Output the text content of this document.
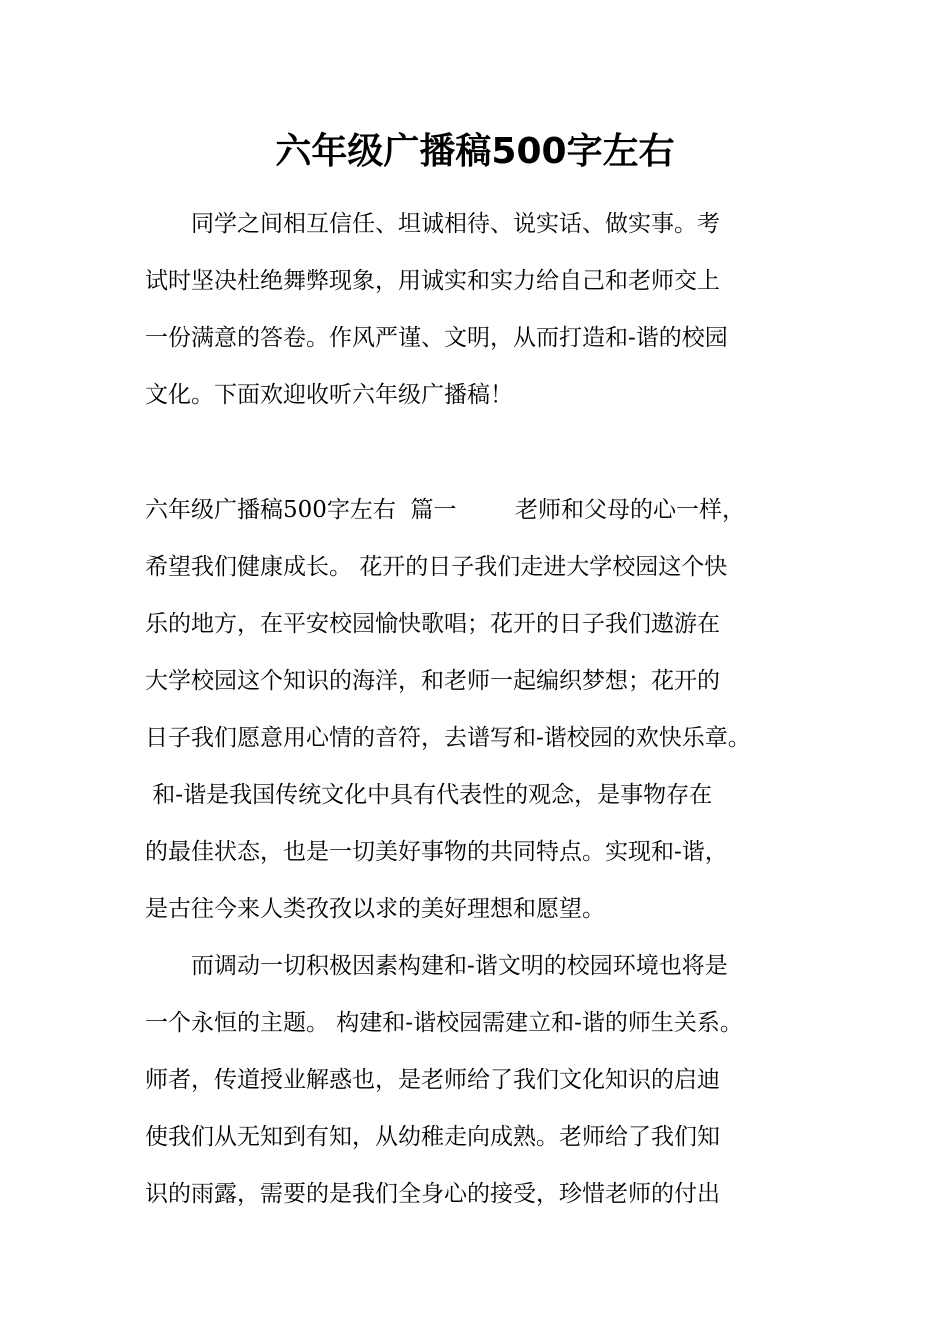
六年级广播稿500字左右
　　同学之间相互信任、坦诚相待、说实话、做实事。考
试时坚决杜绝舞弊现象，用诚实和实力给自己和老师交上
一份满意的答卷。作风严谨、文明，从而打造和-谐的校园
文化。下面欢迎收听六年级广播稿！
六年级广播稿500字左右  篇一        老师和父母的心一样，
希望我们健康成长。 花开的日子我们走进大学校园这个快
乐的地方，在平安校园愉快歌唱；花开的日子我们遨游在
大学校园这个知识的海洋，和老师一起编织梦想；花开的
日子我们愿意用心情的音符，去谱写和-谐校园的欢快乐章。
和-谐是我国传统文化中具有代表性的观念，是事物存在
的最佳状态，也是一切美好事物的共同特点。实现和-谐，
是古往今来人类孜孜以求的美好理想和愿望。
　　而调动一切积极因素构建和-谐文明的校园环境也将是
一个永恒的主题。 构建和-谐校园需建立和-谐的师生关系。
师者，传道授业解惑也，是老师给了我们文化知识的启迪
使我们从无知到有知，从幼稚走向成熟。老师给了我们知
识的雨露，需要的是我们全身心的接受，珍惜老师的付出
